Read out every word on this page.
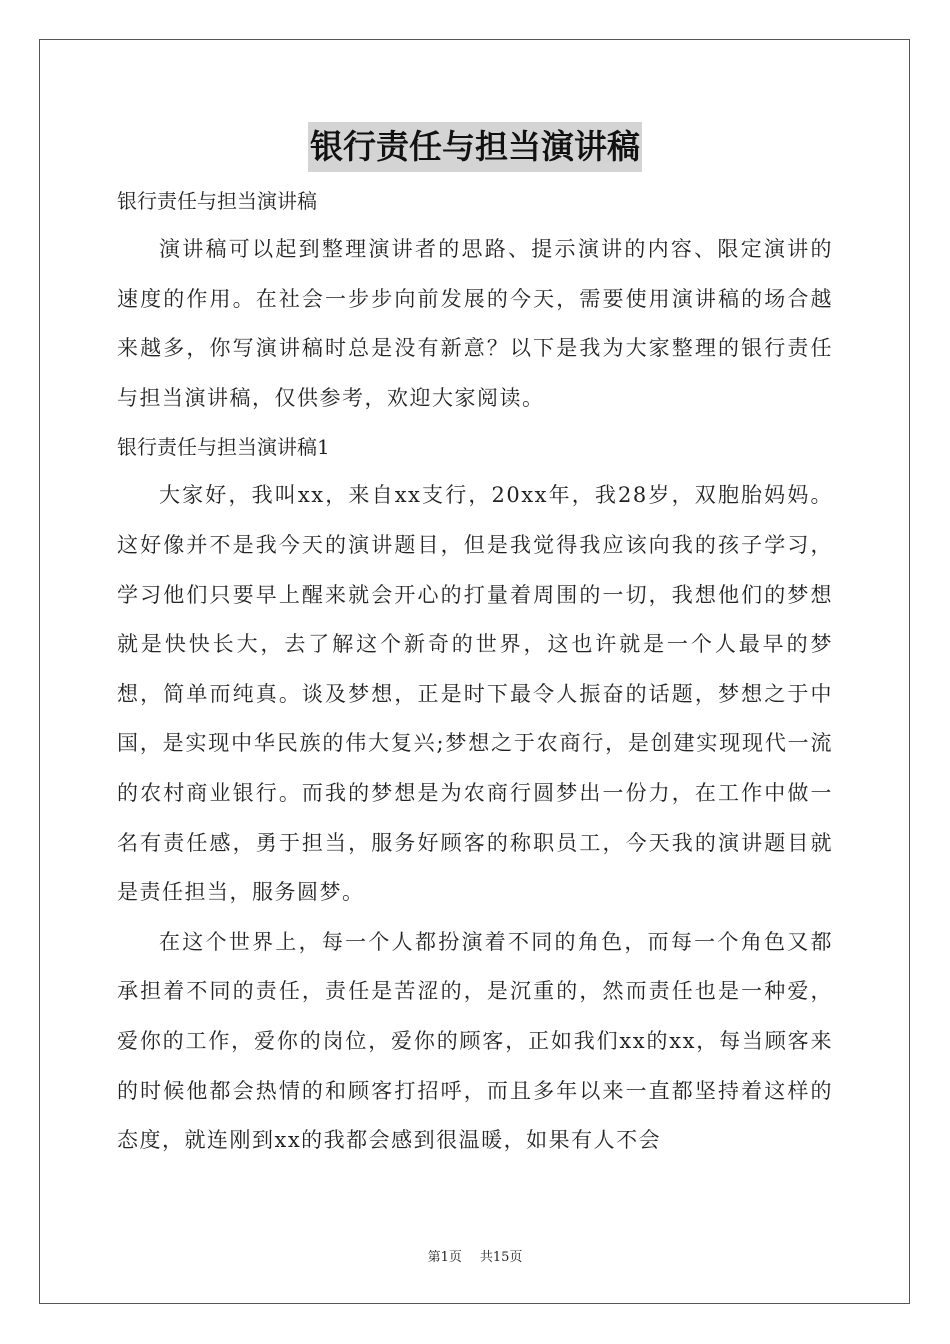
银行责任与担当演讲稿

银行责任与担当演讲稿

演讲稿可以起到整理演讲者的思路、提示演讲的内容、限定演讲的速度的作用。在社会一步步向前发展的今天，需要使用演讲稿的场合越来越多，你写演讲稿时总是没有新意？以下是我为大家整理的银行责任与担当演讲稿，仅供参考，欢迎大家阅读。

银行责任与担当演讲稿1

大家好，我叫xx，来自xx支行，20xx年，我28岁，双胞胎妈妈。这好像并不是我今天的演讲题目，但是我觉得我应该向我的孩子学习，学习他们只要早上醒来就会开心的打量着周围的一切，我想他们的梦想就是快快长大，去了解这个新奇的世界，这也许就是一个人最早的梦想，简单而纯真。谈及梦想，正是时下最令人振奋的话题，梦想之于中国，是实现中华民族的伟大复兴;梦想之于农商行，是创建实现现代一流的农村商业银行。而我的梦想是为农商行圆梦出一份力，在工作中做一名有责任感，勇于担当，服务好顾客的称职员工，今天我的演讲题目就是责任担当，服务圆梦。

在这个世界上，每一个人都扮演着不同的角色，而每一个角色又都承担着不同的责任，责任是苦涩的，是沉重的，然而责任也是一种爱，爱你的工作，爱你的岗位，爱你的顾客，正如我们xx的xx，每当顾客来的时候他都会热情的和顾客打招呼，而且多年以来一直都坚持着这样的态度，就连刚到xx的我都会感到很温暖，如果有人不会

第1页 共15页
